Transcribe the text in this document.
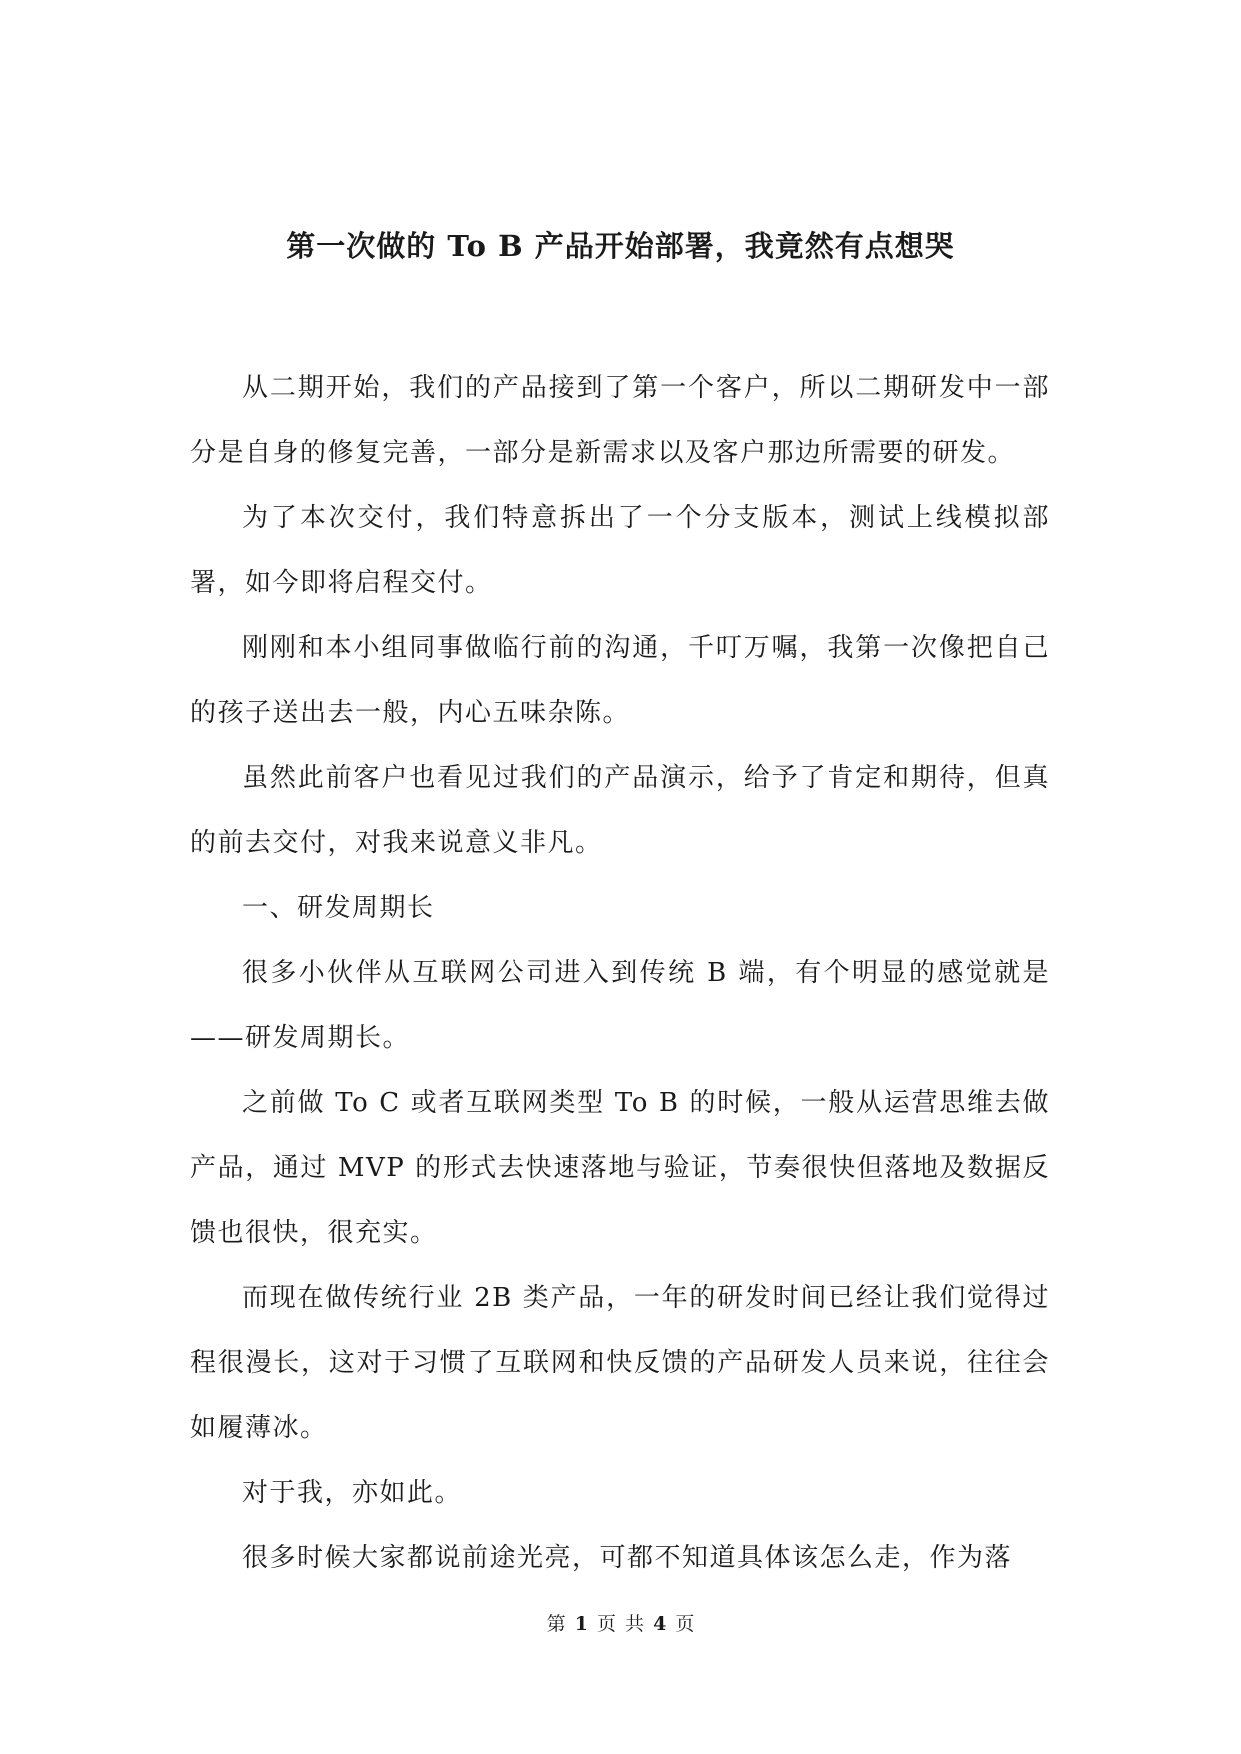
第一次做的 To B 产品开始部署，我竟然有点想哭

从二期开始，我们的产品接到了第一个客户，所以二期研发中一部分是自身的修复完善，一部分是新需求以及客户那边所需要的研发。

为了本次交付，我们特意拆出了一个分支版本，测试上线模拟部署，如今即将启程交付。

刚刚和本小组同事做临行前的沟通，千叮万嘱，我第一次像把自己的孩子送出去一般，内心五味杂陈。

虽然此前客户也看见过我们的产品演示，给予了肯定和期待，但真的前去交付，对我来说意义非凡。

一、研发周期长

很多小伙伴从互联网公司进入到传统 B 端，有个明显的感觉就是——研发周期长。

之前做 To C 或者互联网类型 To B 的时候，一般从运营思维去做产品，通过 MVP 的形式去快速落地与验证，节奏很快但落地及数据反馈也很快，很充实。

而现在做传统行业 2B 类产品，一年的研发时间已经让我们觉得过程很漫长，这对于习惯了互联网和快反馈的产品研发人员来说，往往会如履薄冰。

对于我，亦如此。

很多时候大家都说前途光亮，可都不知道具体该怎么走，作为落

第 1 页 共 4 页
